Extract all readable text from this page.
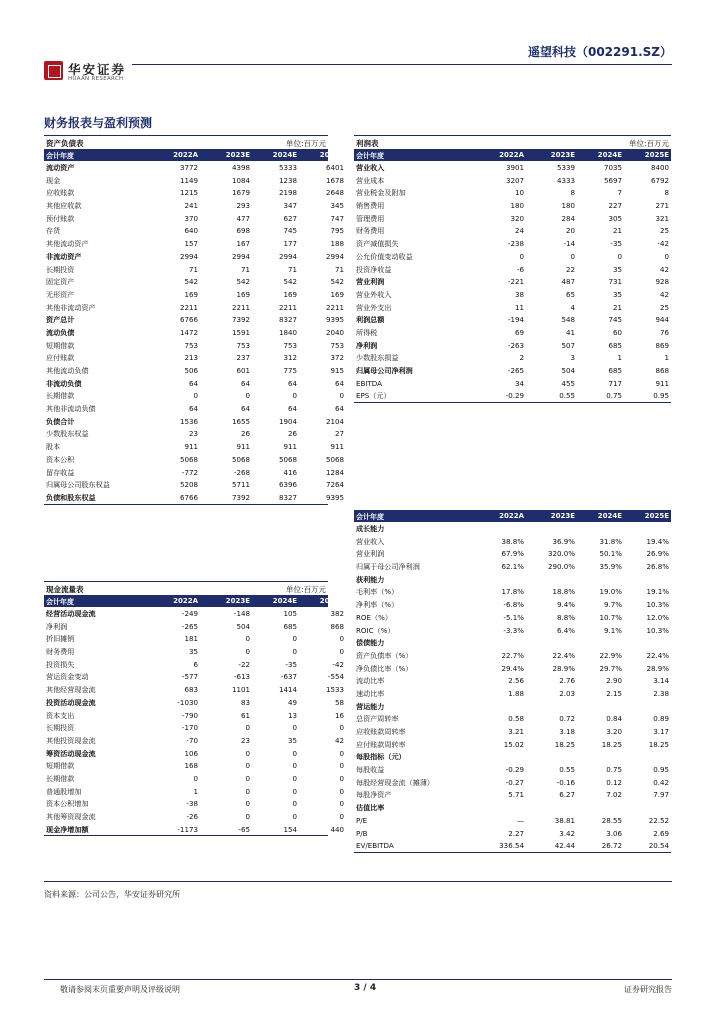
华安证券
HUAAN RESEARCH
遥望科技（002291.SZ）
财务报表与盈利预测
资产负债表	单位:百万元
会计年度	2022A	2023E	2024E	2025E
流动资产	3772	4398	5333	6401
现金	1149	1084	1238	1678
应收账款	1215	1679	2198	2648
其他应收款	241	293	347	345
预付账款	370	477	627	747
存货	640	698	745	795
其他流动资产	157	167	177	188
非流动资产	2994	2994	2994	2994
长期投资	71	71	71	71
固定资产	542	542	542	542
无形资产	169	169	169	169
其他非流动资产	2211	2211	2211	2211
资产总计	6766	7392	8327	9395
流动负债	1472	1591	1840	2040
短期借款	753	753	753	753
应付账款	213	237	312	372
其他流动负债	506	601	775	915
非流动负债	64	64	64	64
长期借款	0	0	0	0
其他非流动负债	64	64	64	64
负债合计	1536	1655	1904	2104
少数股东权益	23	26	26	27
股本	911	911	911	911
资本公积	5068	5068	5068	5068
留存收益	-772	-268	416	1284
归属母公司股东权益	5208	5711	6396	7264
负债和股东权益	6766	7392	8327	9395
利润表	单位:百万元
会计年度	2022A	2023E	2024E	2025E
营业收入	3901	5339	7035	8400
营业成本	3207	4333	5697	6792
营业税金及附加	10	8	7	8
销售费用	180	180	227	271
管理费用	320	284	305	321
财务费用	24	20	21	25
资产减值损失	-238	-14	-35	-42
公允价值变动收益	0	0	0	0
投资净收益	-6	22	35	42
营业利润	-221	487	731	928
营业外收入	38	65	35	42
营业外支出	11	4	21	25
利润总额	-194	548	745	944
所得税	69	41	60	76
净利润	-263	507	685	869
少数股东损益	2	3	1	1
归属母公司净利润	-265	504	685	868
EBITDA	34	455	717	911
EPS（元）	-0.29	0.55	0.75	0.95
现金流量表	单位:百万元
会计年度	2022A	2023E	2024E	2025E
经营活动现金流	-249	-148	105	382
净利润	-265	504	685	868
折旧摊销	181	0	0	0
财务费用	35	0	0	0
投资损失	6	-22	-35	-42
营运资金变动	-577	-613	-637	-554
其他经营现金流	683	1101	1414	1533
投资活动现金流	-1030	83	49	58
资本支出	-790	61	13	16
长期投资	-170	0	0	0
其他投资现金流	-70	23	35	42
筹资活动现金流	106	0	0	0
短期借款	168	0	0	0
长期借款	0	0	0	0
普通股增加	1	0	0	0
资本公积增加	-38	0	0	0
其他筹资现金流	-26	0	0	0
现金净增加额	-1173	-65	154	440
会计年度	2022A	2023E	2024E	2025E
成长能力
营业收入	38.8%	36.9%	31.8%	19.4%
营业利润	67.9%	320.0%	50.1%	26.9%
归属于母公司净利润	62.1%	290.0%	35.9%	26.8%
获利能力
毛利率（%）	17.8%	18.8%	19.0%	19.1%
净利率（%）	-6.8%	9.4%	9.7%	10.3%
ROE（%）	-5.1%	8.8%	10.7%	12.0%
ROIC（%）	-3.3%	6.4%	9.1%	10.3%
偿债能力
资产负债率（%）	22.7%	22.4%	22.9%	22.4%
净负债比率（%）	29.4%	28.9%	29.7%	28.9%
流动比率	2.56	2.76	2.90	3.14
速动比率	1.88	2.03	2.15	2.38
营运能力
总资产周转率	0.58	0.72	0.84	0.89
应收账款周转率	3.21	3.18	3.20	3.17
应付账款周转率	15.02	18.25	18.25	18.25
每股指标（元）
每股收益	-0.29	0.55	0.75	0.95
每股经营现金流（摊薄）	-0.27	-0.16	0.12	0.42
每股净资产	5.71	6.27	7.02	7.97
估值比率
P/E	—	38.81	28.55	22.52
P/B	2.27	3.42	3.06	2.69
EV/EBITDA	336.54	42.44	26.72	20.54
资料来源：公司公告，华安证券研究所
敬请参阅末页重要声明及评级说明	3 / 4	证券研究报告
